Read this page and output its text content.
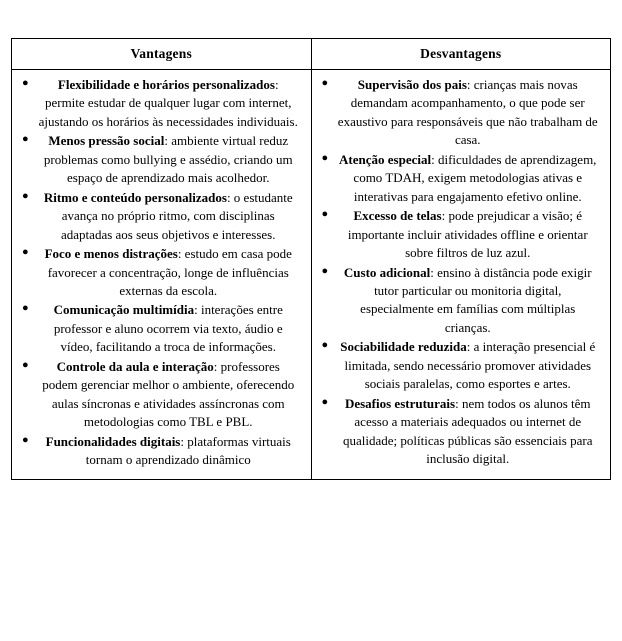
Vantagens	Desvantagens

● Flexibilidade e horários personalizados: permite estudar de qualquer lugar com internet, ajustando os horários às necessidades individuais.
● Menos pressão social: ambiente virtual reduz problemas como bullying e assédio, criando um espaço de aprendizado mais acolhedor.
● Ritmo e conteúdo personalizados: o estudante avança no próprio ritmo, com disciplinas adaptadas aos seus objetivos e interesses.
● Foco e menos distrações: estudo em casa pode favorecer a concentração, longe de influências externas da escola.
● Comunicação multimídia: interações entre professor e aluno ocorrem via texto, áudio e vídeo, facilitando a troca de informações.
● Controle da aula e interação: professores podem gerenciar melhor o ambiente, oferecendo aulas síncronas e atividades assíncronas com metodologias como TBL e PBL.
● Funcionalidades digitais: plataformas virtuais tornam o aprendizado dinâmico

● Supervisão dos pais: crianças mais novas demandam acompanhamento, o que pode ser exaustivo para responsáveis que não trabalham de casa.
● Atenção especial: dificuldades de aprendizagem, como TDAH, exigem metodologias ativas e interativas para engajamento efetivo online.
● Excesso de telas: pode prejudicar a visão; é importante incluir atividades offline e orientar sobre filtros de luz azul.
● Custo adicional: ensino à distância pode exigir tutor particular ou monitoria digital, especialmente em famílias com múltiplas crianças.
● Sociabilidade reduzida: a interação presencial é limitada, sendo necessário promover atividades sociais paralelas, como esportes e artes.
● Desafios estruturais: nem todos os alunos têm acesso a materiais adequados ou internet de qualidade; políticas públicas são essenciais para inclusão digital.
